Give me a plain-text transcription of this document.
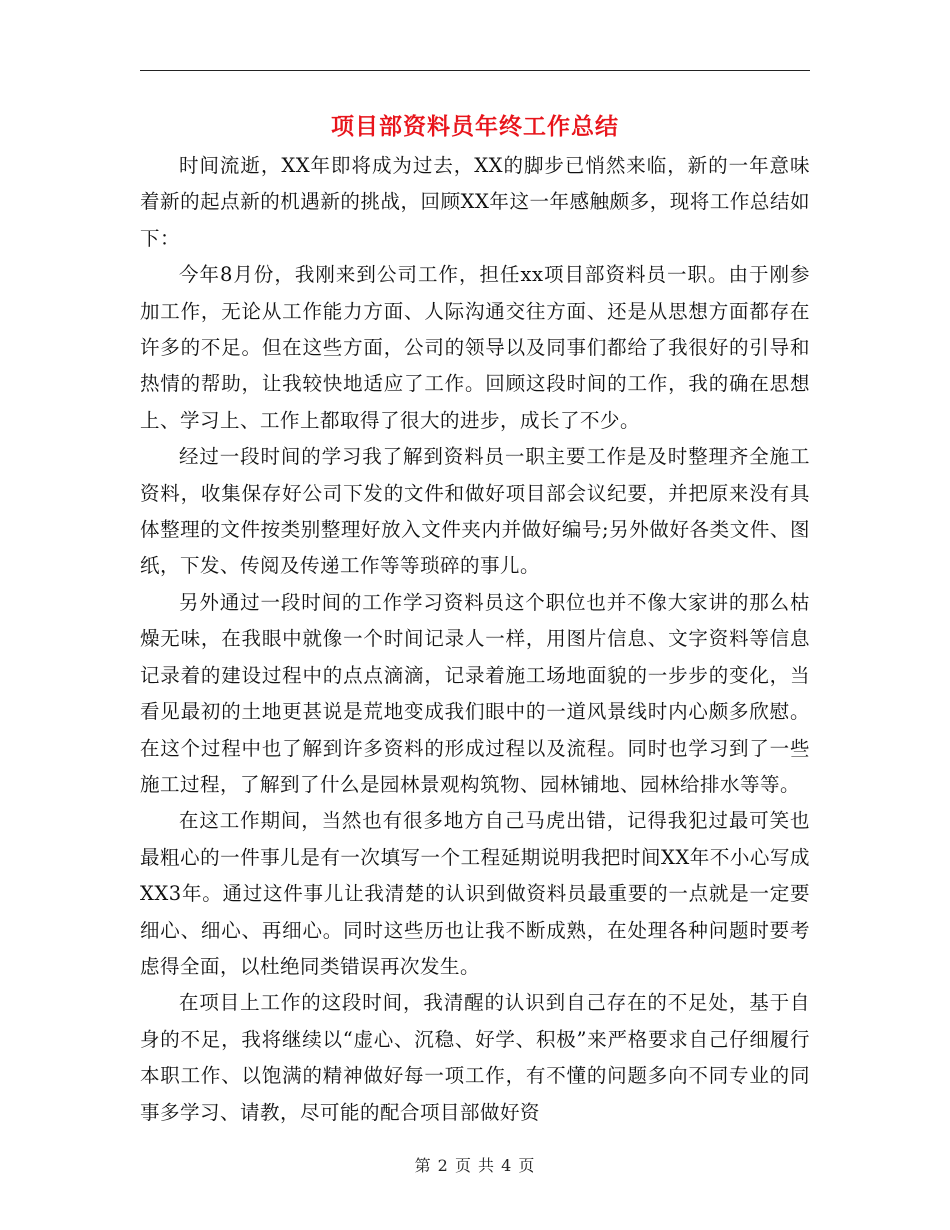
项目部资料员年终工作总结

时间流逝，XX年即将成为过去，XX的脚步已悄然来临，新的一年意味着新的起点新的机遇新的挑战，回顾XX年这一年感触颇多，现将工作总结如下：

今年8月份，我刚来到公司工作，担任xx项目部资料员一职。由于刚参加工作，无论从工作能力方面、人际沟通交往方面、还是从思想方面都存在许多的不足。但在这些方面，公司的领导以及同事们都给了我很好的引导和热情的帮助，让我较快地适应了工作。回顾这段时间的工作，我的确在思想上、学习上、工作上都取得了很大的进步，成长了不少。

经过一段时间的学习我了解到资料员一职主要工作是及时整理齐全施工资料，收集保存好公司下发的文件和做好项目部会议纪要，并把原来没有具体整理的文件按类别整理好放入文件夹内并做好编号;另外做好各类文件、图纸，下发、传阅及传递工作等等琐碎的事儿。

另外通过一段时间的工作学习资料员这个职位也并不像大家讲的那么枯燥无味，在我眼中就像一个时间记录人一样，用图片信息、文字资料等信息记录着的建设过程中的点点滴滴，记录着施工场地面貌的一步步的变化，当看见最初的土地更甚说是荒地变成我们眼中的一道风景线时内心颇多欣慰。在这个过程中也了解到许多资料的形成过程以及流程。同时也学习到了一些施工过程，了解到了什么是园林景观构筑物、园林铺地、园林给排水等等。

在这工作期间，当然也有很多地方自己马虎出错，记得我犯过最可笑也最粗心的一件事儿是有一次填写一个工程延期说明我把时间XX年不小心写成XX3年。通过这件事儿让我清楚的认识到做资料员最重要的一点就是一定要细心、细心、再细心。同时这些历也让我不断成熟，在处理各种问题时要考虑得全面，以杜绝同类错误再次发生。

在项目上工作的这段时间，我清醒的认识到自己存在的不足处，基于自身的不足，我将继续以“虚心、沉稳、好学、积极”来严格要求自己仔细履行本职工作、以饱满的精神做好每一项工作，有不懂的问题多向不同专业的同事多学习、请教，尽可能的配合项目部做好资

第 2 页 共 4 页
